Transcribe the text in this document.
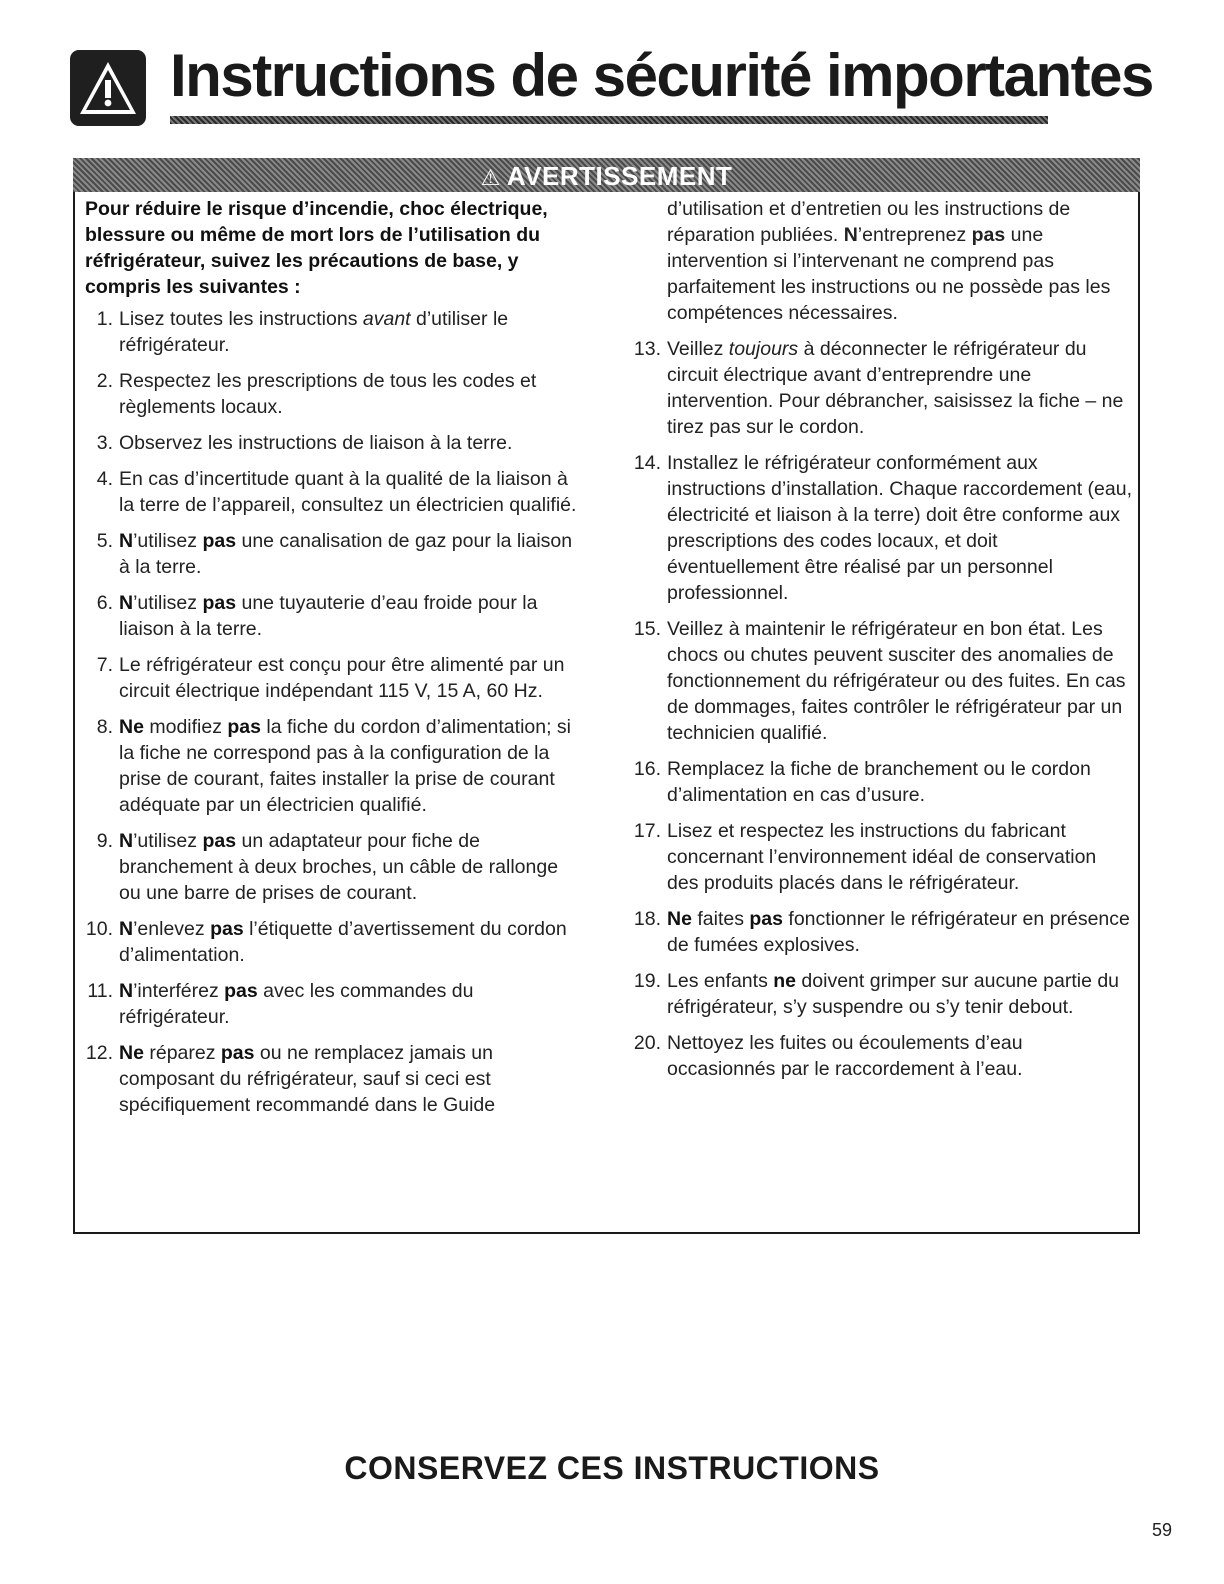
Instructions de sécurité importantes
⚠ AVERTISSEMENT

Pour réduire le risque d’incendie, choc électrique, blessure ou même de mort lors de l’utilisation du réfrigérateur, suivez les précautions de base, y compris les suivantes :

1. Lisez toutes les instructions avant d’utiliser le réfrigérateur.
2. Respectez les prescriptions de tous les codes et règlements locaux.
3. Observez les instructions de liaison à la terre.
4. En cas d’incertitude quant à la qualité de la liaison à la terre de l’appareil, consultez un électricien qualifié.
5. N’utilisez pas une canalisation de gaz pour la liaison à la terre.
6. N’utilisez pas une tuyauterie d’eau froide pour la liaison à la terre.
7. Le réfrigérateur est conçu pour être alimenté par un circuit électrique indépendant 115 V, 15 A, 60 Hz.
8. Ne modifiez pas la fiche du cordon d’alimentation; si la fiche ne correspond pas à la configuration de la prise de courant, faites installer la prise de courant adéquate par un électricien qualifié.
9. N’utilisez pas un adaptateur pour fiche de branchement à deux broches, un câble de rallonge ou une barre de prises de courant.
10. N’enlevez pas l’étiquette d’avertissement du cordon d’alimentation.
11. N’interférez pas avec les commandes du réfrigérateur.
12. Ne réparez pas ou ne remplacez jamais un composant du réfrigérateur, sauf si ceci est spécifiquement recommandé dans le Guide
d’utilisation et d’entretien ou les instructions de réparation publiées. N’entreprenez pas une intervention si l’intervenant ne comprend pas parfaitement les instructions ou ne possède pas les compétences nécessaires.
13. Veillez toujours à déconnecter le réfrigérateur du circuit électrique avant d’entreprendre une intervention. Pour débrancher, saisissez la fiche – ne tirez pas sur le cordon.
14. Installez le réfrigérateur conformément aux instructions d’installation. Chaque raccordement (eau, électricité et liaison à la terre) doit être conforme aux prescriptions des codes locaux, et doit éventuellement être réalisé par un personnel professionnel.
15. Veillez à maintenir le réfrigérateur en bon état. Les chocs ou chutes peuvent susciter des anomalies de fonctionnement du réfrigérateur ou des fuites. En cas de dommages, faites contrôler le réfrigérateur par un technicien qualifié.
16. Remplacez la fiche de branchement ou le cordon d’alimentation en cas d’usure.
17. Lisez et respectez les instructions du fabricant concernant l’environnement idéal de conservation des produits placés dans le réfrigérateur.
18. Ne faites pas fonctionner le réfrigérateur en présence de fumées explosives.
19. Les enfants ne doivent grimper sur aucune partie du réfrigérateur, s’y suspendre ou s’y tenir debout.
20. Nettoyez les fuites ou écoulements d’eau occasionnés par le raccordement à l’eau.
CONSERVEZ CES INSTRUCTIONS
59
